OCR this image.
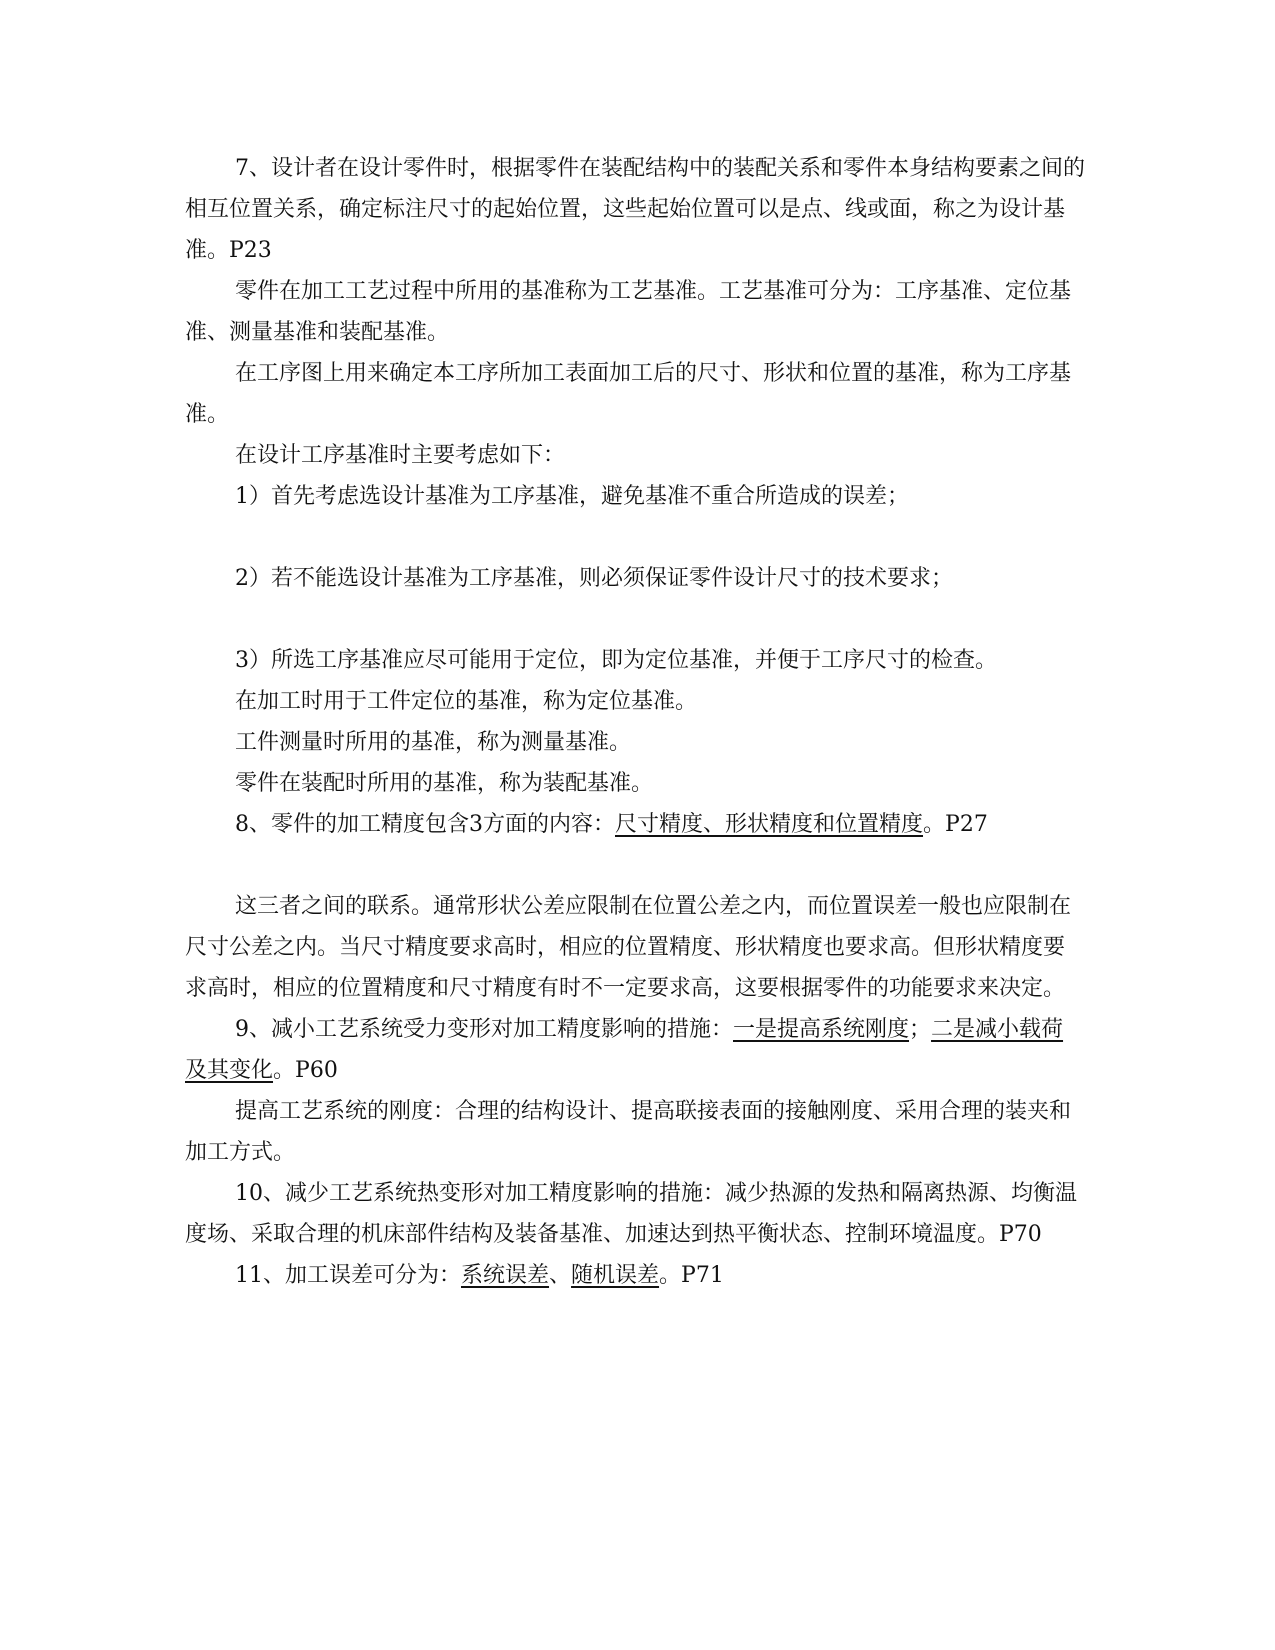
7、设计者在设计零件时，根据零件在装配结构中的装配关系和零件本身结构要素之间的相互位置关系，确定标注尺寸的起始位置，这些起始位置可以是点、线或面，称之为设计基准。P23

零件在加工工艺过程中所用的基准称为工艺基准。工艺基准可分为：工序基准、定位基准、测量基准和装配基准。

在工序图上用来确定本工序所加工表面加工后的尺寸、形状和位置的基准，称为工序基准。

在设计工序基准时主要考虑如下：

1）首先考虑选设计基准为工序基准，避免基准不重合所造成的误差；

2）若不能选设计基准为工序基准，则必须保证零件设计尺寸的技术要求；

3）所选工序基准应尽可能用于定位，即为定位基准，并便于工序尺寸的检查。

在加工时用于工件定位的基准，称为定位基准。

工件测量时所用的基准，称为测量基准。

零件在装配时所用的基准，称为装配基准。

8、零件的加工精度包含3方面的内容：尺寸精度、形状精度和位置精度。P27

这三者之间的联系。通常形状公差应限制在位置公差之内，而位置误差一般也应限制在尺寸公差之内。当尺寸精度要求高时，相应的位置精度、形状精度也要求高。但形状精度要求高时，相应的位置精度和尺寸精度有时不一定要求高，这要根据零件的功能要求来决定。

9、减小工艺系统受力变形对加工精度影响的措施：一是提高系统刚度；二是减小载荷及其变化。P60

提高工艺系统的刚度：合理的结构设计、提高联接表面的接触刚度、采用合理的装夹和加工方式。

10、减少工艺系统热变形对加工精度影响的措施：减少热源的发热和隔离热源、均衡温度场、采取合理的机床部件结构及装备基准、加速达到热平衡状态、控制环境温度。P70

11、加工误差可分为：系统误差、随机误差。P71
